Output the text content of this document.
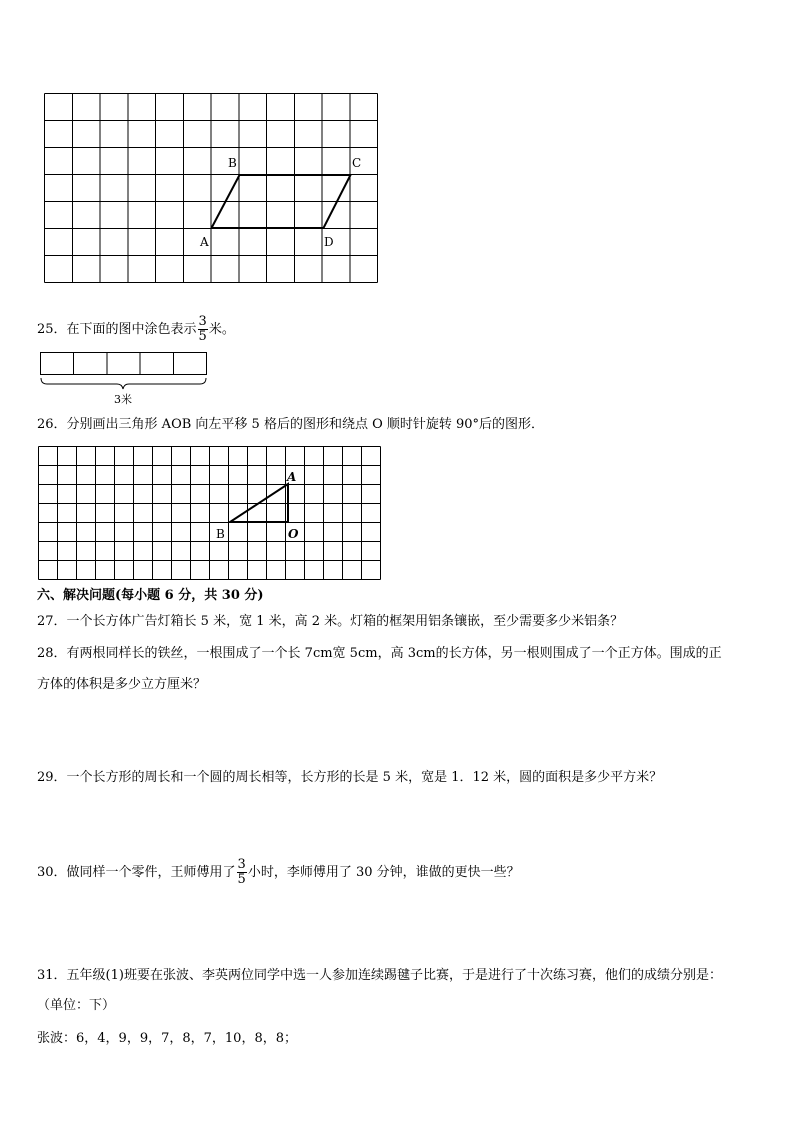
B	C
A	D
25．在下面的图中涂色表示 $\frac{3}{5}$ 米。
3米
26．分别画出三角形 AOB 向左平移 5 格后的图形和绕点 O 顺时针旋转 90°后的图形．
A
B	O
六、解决问题(每小题 6 分，共 30 分)
27．一个长方体广告灯箱长 5 米，宽 1 米，高 2 米。灯箱的框架用铝条镶嵌，至少需要多少米铝条？
28．有两根同样长的铁丝，一根围成了一个长 7cm宽 5cm，高 3cm的长方体，另一根则围成了一个正方体。围成的正
方体的体积是多少立方厘米？
29．一个长方形的周长和一个圆的周长相等，长方形的长是 5 米，宽是 1．12 米，圆的面积是多少平方米？
30．做同样一个零件，王师傅用了 $\frac{3}{5}$ 小时，李师傅用了 30 分钟，谁做的更快一些？
31．五年级(1)班要在张波、李英两位同学中选一人参加连续踢毽子比赛，于是进行了十次练习赛，他们的成绩分别是：
（单位：下）
张波：6，4，9，9，7，8，7，10，8，8；
